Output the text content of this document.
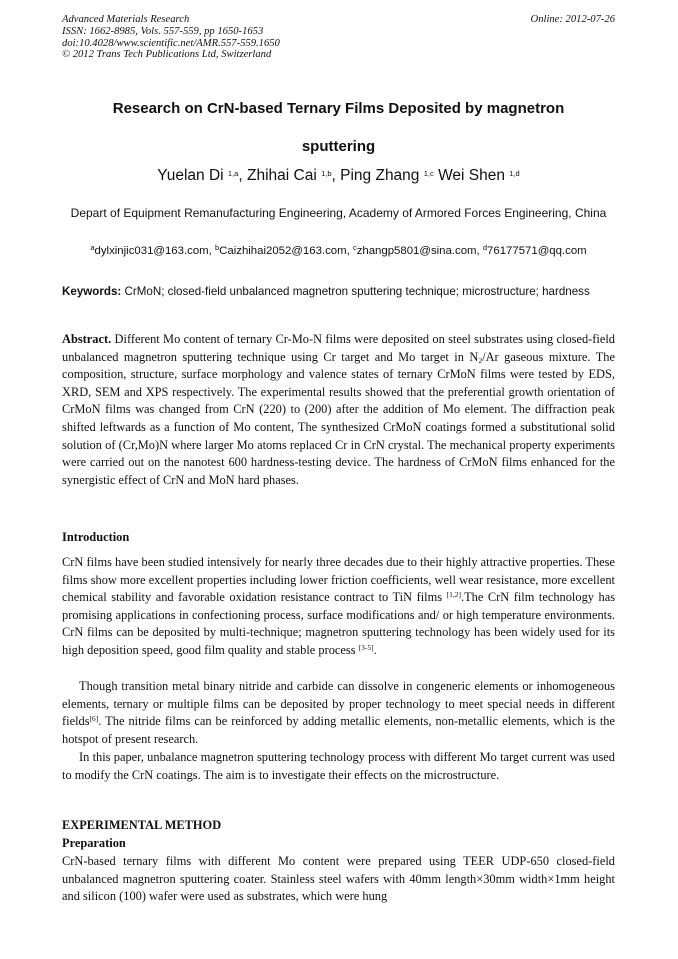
Advanced Materials Research
ISSN: 1662-8985, Vols. 557-559, pp 1650-1653
doi:10.4028/www.scientific.net/AMR.557-559.1650
© 2012 Trans Tech Publications Ltd, Switzerland
Online: 2012-07-26
Research on CrN-based Ternary Films Deposited by magnetron
sputtering
Yuelan Di $^{1,a}$, Zhihai Cai $^{1,b}$, Ping Zhang $^{1,c}$ Wei Shen $^{1,d}$
Depart of Equipment Remanufacturing Engineering, Academy of Armored Forces Engineering, China
$^a$dylxinjic031@163.com, $^b$Caizhihai2052@163.com, $^c$zhangp5801@sina.com, $^d$76177571@qq.com
Keywords: CrMoN; closed-field unbalanced magnetron sputtering technique; microstructure; hardness
Abstract. Different Mo content of ternary Cr-Mo-N films were deposited on steel substrates using closed-field unbalanced magnetron sputtering technique using Cr target and Mo target in $N_2/Ar$ gaseous mixture. The composition, structure, surface morphology and valence states of ternary CrMoN films were tested by EDS, XRD, SEM and XPS respectively. The experimental results showed that the preferential growth orientation of CrMoN films was changed from CrN (220) to (200) after the addition of Mo element. The diffraction peak shifted leftwards as a function of Mo content, The synthesized CrMoN coatings formed a substitutional solid solution of (Cr,Mo)N where larger Mo atoms replaced Cr in CrN crystal. The mechanical property experiments were carried out on the nanotest 600 hardness-testing device. The hardness of CrMoN films enhanced for the synergistic effect of CrN and MoN hard phases.
Introduction
CrN films have been studied intensively for nearly three decades due to their highly attractive properties. These films show more excellent properties including lower friction coefficients, well wear resistance, more excellent chemical stability and favorable oxidation resistance contract to TiN films [1,2].The CrN film technology has promising applications in confectioning process, surface modifications and/ or high temperature environments. CrN films can be deposited by multi-technique; magnetron sputtering technology has been widely used for its high deposition speed, good film quality and stable process [3-5].
Though transition metal binary nitride and carbide can dissolve in congeneric elements or inhomogeneous elements, ternary or multiple films can be deposited by proper technology to meet special needs in different fields[6]. The nitride films can be reinforced by adding metallic elements, non-metallic elements, which is the hotspot of present research.
In this paper, unbalance magnetron sputtering technology process with different Mo target current was used to modify the CrN coatings. The aim is to investigate their effects on the microstructure.
EXPERIMENTAL METHOD
Preparation
CrN-based ternary films with different Mo content were prepared using TEER UDP-650 closed-field unbalanced magnetron sputtering coater. Stainless steel wafers with 40mm length×30mm width×1mm height and silicon (100) wafer were used as substrates, which were hung
